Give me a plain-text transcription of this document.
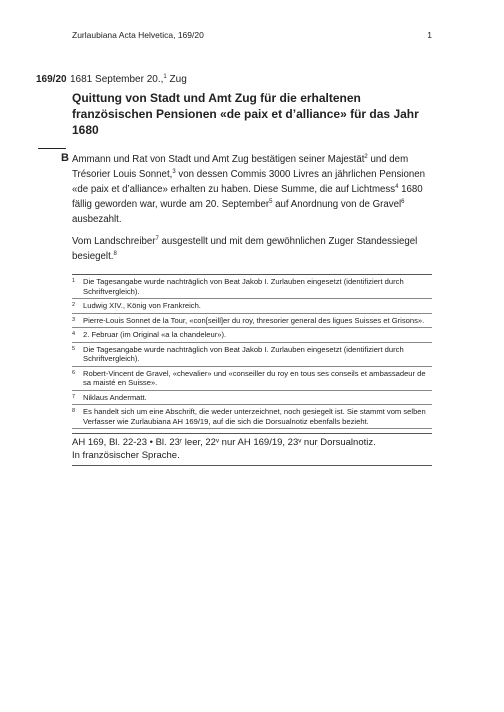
Zurlaubiana Acta Helvetica, 169/20	1
169/20 1681 September 20.,$^1$ Zug
Quittung von Stadt und Amt Zug für die erhaltenen französischen Pensionen «de paix et d’alliance» für das Jahr 1680
B Ammann und Rat von Stadt und Amt Zug bestätigen seiner Majestät$^2$ und dem Trésorier Louis Sonnet,$^3$ von dessen Commis 3000 Livres an jährlichen Pensionen «de paix et d’alliance» erhalten zu haben. Diese Summe, die auf Lichtmess$^4$ 1680 fällig geworden war, wurde am 20. September$^5$ auf Anordnung von de Gravel$^6$ ausbezahlt.

Vom Landschreiber$^7$ ausgestellt und mit dem gewöhnlichen Zuger Standessiegel besiegelt.$^8$

1	Die Tagesangabe wurde nachträglich von Beat Jakob I. Zurlauben eingesetzt (identifiziert durch Schriftvergleich).
2	Ludwig XIV., König von Frankreich.
3	Pierre-Louis Sonnet de la Tour, «con[seill]er du roy, thresorier general des ligues Suisses et Grisons».
4	2. Februar (im Original «a la chandeleur»).
5	Die Tagesangabe wurde nachträglich von Beat Jakob I. Zurlauben eingesetzt (identifiziert durch Schriftvergleich).
6	Robert-Vincent de Gravel, «chevalier» und «conseiller du roy en tous ses conseils et ambassadeur de sa maisté en Suisse».
7	Niklaus Andermatt.
8	Es handelt sich um eine Abschrift, die weder unterzeichnet, noch gesiegelt ist. Sie stammt vom selben Verfasser wie Zurlaubiana AH 169/19, auf die sich die Dorsualnotiz ebenfalls bezieht.
AH 169, Bl. 22-23 • Bl. 23ʳ leer, 22ᵛ nur AH 169/19, 23ᵛ nur Dorsualnotiz.
In französischer Sprache.
